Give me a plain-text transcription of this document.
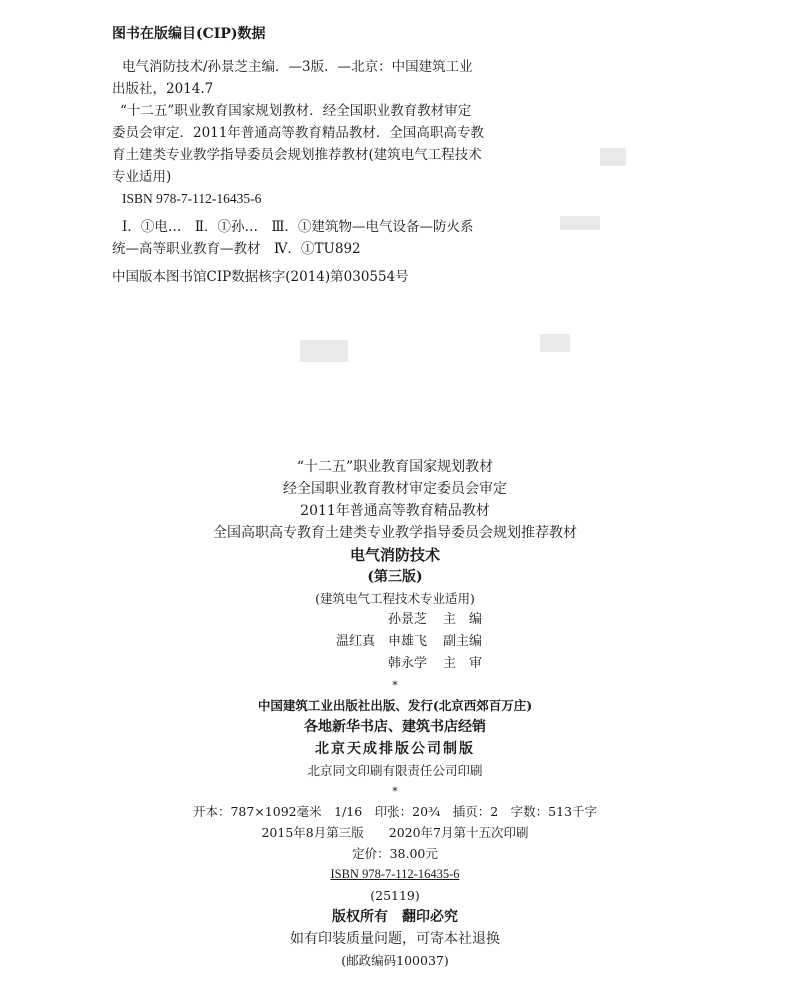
图书在版编目(CIP)数据

电气消防技术/孙景芝主编．—3版．—北京：中国建筑工业
出版社，2014.7

“十二五”职业教育国家规划教材．经全国职业教育教材审定
委员会审定．2011年普通高等教育精品教材．全国高职高专教
育土建类专业教学指导委员会规划推荐教材(建筑电气工程技术
专业适用)

ISBN 978-7-112-16435-6

Ⅰ．①电…　Ⅱ．①孙…　Ⅲ．①建筑物—电气设备—防火系
统—高等职业教育—教材　Ⅳ．①TU892

中国版本图书馆CIP数据核字(2014)第030554号

“十二五”职业教育国家规划教材

经全国职业教育教材审定委员会审定

2011年普通高等教育精品教材

全国高职高专教育土建类专业教学指导委员会规划推荐教材

电气消防技术

(第三版)

(建筑电气工程技术专业适用)

孙景芝 主　编

温红真　申雄飞 副主编

韩永学 主　审

*

中国建筑工业出版社出版、发行(北京西郊百万庄)

各地新华书店、建筑书店经销

北京天成排版公司制版

北京同文印刷有限责任公司印刷

*

开本：787×1092毫米　1/16　印张：20¾　插页：2　字数：513千字

2015年8月第三版　　2020年7月第十五次印刷

定价：38.00元

ISBN 978-7-112-16435-6

(25119)

版权所有　翻印必究

如有印装质量问题，可寄本社退换

(邮政编码100037)
